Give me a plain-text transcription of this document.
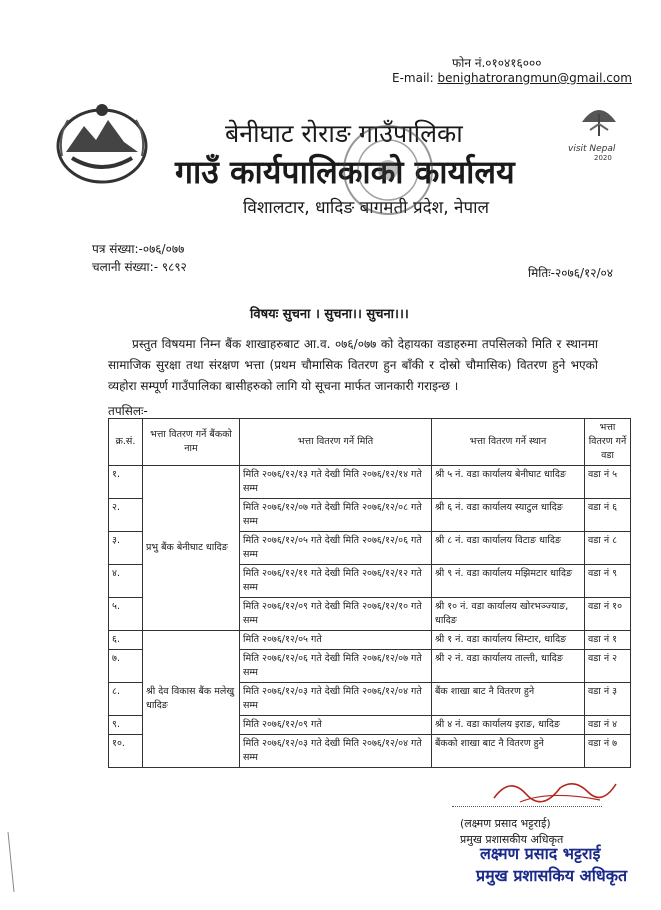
फोन नं.०१०४१६०००
E-mail: benighatrorangmun@gmail.com
visit Nepal
2020
बेनीघाट रोराङ गाउँपालिका
गाउँ कार्यपालिकाको कार्यालय
विशालटार, धादिङ बागमती प्रदेश, नेपाल
पत्र संख्या:-०७६/०७७
चलानी संख्या:- ९८९२	मितिः-२०७६/१२/०४
विषयः सुचना । सुचना।। सुचना।।।
प्रस्तुत विषयमा निम्न बैंक शाखाहरुबाट आ.व. ०७६/०७७ को देहायका वडाहरुमा तपसिलको मिति र स्थानमा सामाजिक सुरक्षा तथा संरक्षण भत्ता (प्रथम चौमासिक वितरण हुन बाँकी र दोस्रो चौमासिक) वितरण हुने भएको व्यहोरा सम्पूर्ण गाउँपालिका बासीहरुको लागि यो सूचना मार्फत जानकारी गराइन्छ ।
तपसिलः-
क्र.सं.	भत्ता वितरण गर्ने बैंकको नाम	भत्ता वितरण गर्ने मिति	भत्ता वितरण गर्ने स्थान	भत्ता वितरण गर्ने वडा
१.	प्रभु बैंक बेनीघाट धादिङ	मिति २०७६/१२/१३ गते देखी मिति २०७६/१२/१४ गते सम्म	श्री ५ नं. वडा कार्यालय बेनीघाट धादिङ	वडा नं ५
२.		मिति २०७६/१२/०७ गते देखी मिति २०७६/१२/०८ गते सम्म	श्री ६ नं. वडा कार्यालय स्याटुल धादिङ	वडा नं ६
३.		मिति २०७६/१२/०५ गते देखी मिति २०७६/१२/०६ गते सम्म	श्री ८ नं. वडा कार्यालय विटाङ धादिङ	वडा नं ८
४.		मिति २०७६/१२/११ गते देखी मिति २०७६/१२/१२ गते सम्म	श्री ९ नं. वडा कार्यालय मझिमटार धादिङ	वडा नं ९
५.		मिति २०७६/१२/०९ गते देखी मिति २०७६/१२/१० गते सम्म	श्री १० नं. वडा कार्यालय खोरभञ्ज्याङ, धादिङ	वडा नं १०
६.	श्री देव विकास बैंक मलेखु धादिङ	मिति २०७६/१२/०५ गते	श्री १ नं. वडा कार्यालय सिम्टार, धादिङ	वडा नं १
७.		मिति २०७६/१२/०६ गते देखी मिति २०७६/१२/०७ गते सम्म	श्री २ नं. वडा कार्यालय ताल्ती, धादिङ	वडा नं २
८.		मिति २०७६/१२/०३ गते देखी मिति २०७६/१२/०४ गते सम्म	बैंक शाखा बाट नै वितरण हुने	वडा नं ३
९.		मिति २०७६/१२/०९ गते	श्री ४ नं. वडा कार्यालय इराङ, धादिङ	वडा नं ४
१०.		मिति २०७६/१२/०३ गते देखी मिति २०७६/१२/०४ गते सम्म	बैंकको शाखा बाट नै वितरण हुने	वडा नं ७
(लक्ष्मण प्रसाद भट्टराई)
प्रमुख प्रशासकीय अधिकृत
लक्ष्मण प्रसाद भट्टराई
प्रमुख प्रशासकिय अधिकृत
